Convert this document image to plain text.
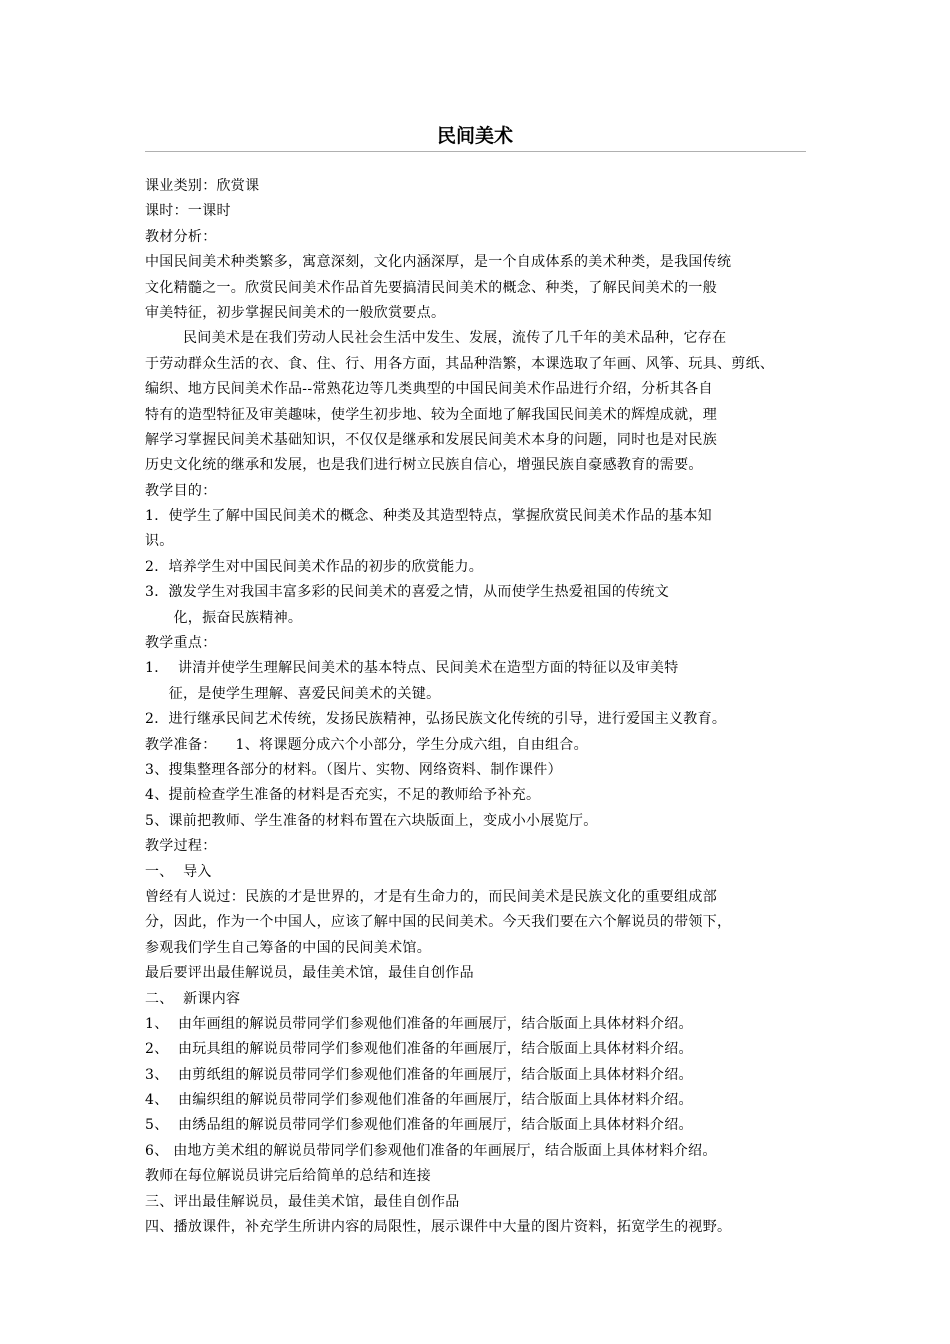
民间美术
课业类别：欣赏课
课时：一课时
教材分析：
中国民间美术种类繁多，寓意深刻，文化内涵深厚，是一个自成体系的美术种类，是我国传统
文化精髓之一。欣赏民间美术作品首先要搞清民间美术的概念、种类，了解民间美术的一般
审美特征，初步掌握民间美术的一般欣赏要点。
民间美术是在我们劳动人民社会生活中发生、发展，流传了几千年的美术品种，它存在
于劳动群众生活的衣、食、住、行、用各方面，其品种浩繁，本课选取了年画、风筝、玩具、剪纸、
编织、地方民间美术作品--常熟花边等几类典型的中国民间美术作品进行介绍，分析其各自
特有的造型特征及审美趣味，使学生初步地、较为全面地了解我国民间美术的辉煌成就，理
解学习掌握民间美术基础知识，不仅仅是继承和发展民间美术本身的问题，同时也是对民族
历史文化统的继承和发展，也是我们进行树立民族自信心，增强民族自豪感教育的需要。
教学目的：
1．使学生了解中国民间美术的概念、种类及其造型特点，掌握欣赏民间美术作品的基本知
识。
2．培养学生对中国民间美术作品的初步的欣赏能力。
3．激发学生对我国丰富多彩的民间美术的喜爱之情，从而使学生热爱祖国的传统文
化，振奋民族精神。
教学重点：
1．  讲清并使学生理解民间美术的基本特点、民间美术在造型方面的特征以及审美特
征，是使学生理解、喜爱民间美术的关键。
2．进行继承民间艺术传统，发扬民族精神，弘扬民族文化传统的引导，进行爱国主义教育。
教学准备：    1、将课题分成六个小部分，学生分成六组，自由组合。
3、搜集整理各部分的材料。（图片、实物、网络资料、制作课件）
4、提前检查学生准备的材料是否充实，不足的教师给予补充。
5、课前把教师、学生准备的材料布置在六块版面上，变成小小展览厅。
教学过程：
一、  导入
曾经有人说过：民族的才是世界的，才是有生命力的，而民间美术是民族文化的重要组成部
分，因此，作为一个中国人，应该了解中国的民间美术。今天我们要在六个解说员的带领下，
参观我们学生自己筹备的中国的民间美术馆。
最后要评出最佳解说员，最佳美术馆，最佳自创作品
二、  新课内容
1、  由年画组的解说员带同学们参观他们准备的年画展厅，结合版面上具体材料介绍。
2、  由玩具组的解说员带同学们参观他们准备的年画展厅，结合版面上具体材料介绍。
3、  由剪纸组的解说员带同学们参观他们准备的年画展厅，结合版面上具体材料介绍。
4、  由编织组的解说员带同学们参观他们准备的年画展厅，结合版面上具体材料介绍。
5、  由绣品组的解说员带同学们参观他们准备的年画展厅，结合版面上具体材料介绍。
6、 由地方美术组的解说员带同学们参观他们准备的年画展厅，结合版面上具体材料介绍。
教师在每位解说员讲完后给简单的总结和连接
三、评出最佳解说员，最佳美术馆，最佳自创作品
四、播放课件，补充学生所讲内容的局限性，展示课件中大量的图片资料，拓宽学生的视野。
